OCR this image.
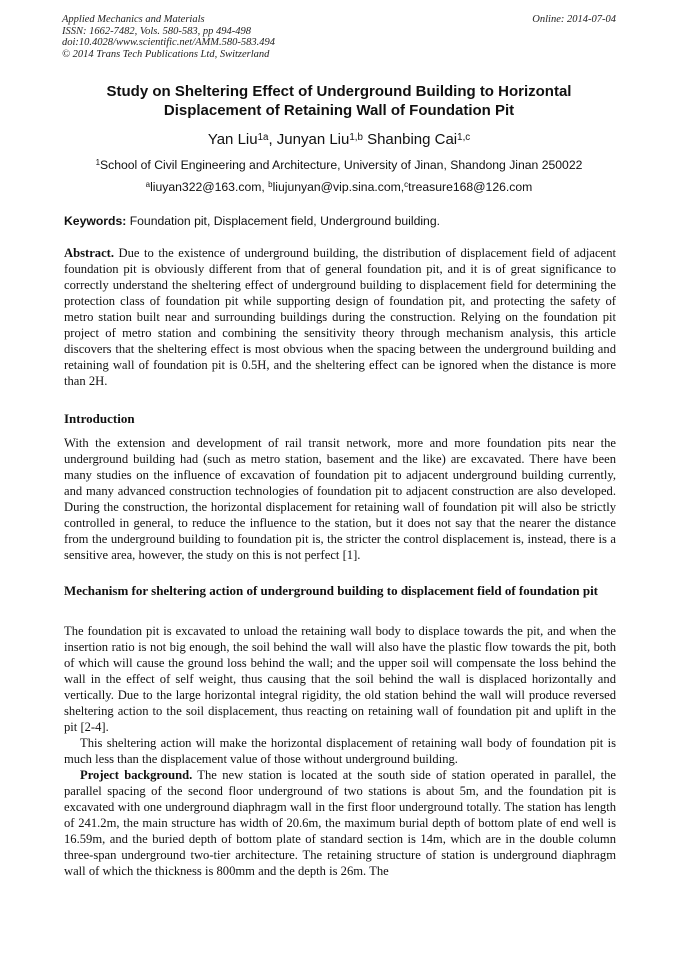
Applied Mechanics and Materials
ISSN: 1662-7482, Vols. 580-583, pp 494-498
doi:10.4028/www.scientific.net/AMM.580-583.494
© 2014 Trans Tech Publications Ltd, Switzerland
Online: 2014-07-04
Study on Sheltering Effect of Underground Building to Horizontal
Displacement of Retaining Wall of Foundation Pit
Yan Liu$^{1a}$, Junyan Liu$^{1,b}$ Shanbing Cai$^{1,c}$
$^1$School of Civil Engineering and Architecture, University of Jinan, Shandong Jinan 250022
$^a$liuyan322@163.com, $^b$liujunyan@vip.sina.com,$^c$treasure168@126.com
Keywords: Foundation pit, Displacement field, Underground building.

Abstract. Due to the existence of underground building, the distribution of displacement field of adjacent foundation pit is obviously different from that of general foundation pit, and it is of great significance to correctly understand the sheltering effect of underground building to displacement field for determining the protection class of foundation pit while supporting design of foundation pit, and protecting the safety of metro station built near and surrounding buildings during the construction. Relying on the foundation pit project of metro station and combining the sensitivity theory through mechanism analysis, this article discovers that the sheltering effect is most obvious when the spacing between the underground building and retaining wall of foundation pit is 0.5H, and the sheltering effect can be ignored when the distance is more than 2H.

Introduction

With the extension and development of rail transit network, more and more foundation pits near the underground building had (such as metro station, basement and the like) are excavated. There have been many studies on the influence of excavation of foundation pit to adjacent underground building currently, and many advanced construction technologies of foundation pit to adjacent construction are also developed. During the construction, the horizontal displacement for retaining wall of foundation pit will also be strictly controlled in general, to reduce the influence to the station, but it does not say that the nearer the distance from the underground building to foundation pit is, the stricter the control displacement is, instead, there is a sensitive area, however, the study on this is not perfect [1].

Mechanism for sheltering action of underground building to displacement field of foundation pit

The foundation pit is excavated to unload the retaining wall body to displace towards the pit, and when the insertion ratio is not big enough, the soil behind the wall will also have the plastic flow towards the pit, both of which will cause the ground loss behind the wall; and the upper soil will compensate the loss behind the wall in the effect of self weight, thus causing that the soil behind the wall is displaced horizontally and vertically. Due to the large horizontal integral rigidity, the old station behind the wall will produce reversed sheltering action to the soil displacement, thus reacting on retaining wall of foundation pit and uplift in the pit [2-4].

This sheltering action will make the horizontal displacement of retaining wall body of foundation pit is much less than the displacement value of those without underground building.

Project background. The new station is located at the south side of station operated in parallel, the parallel spacing of the second floor underground of two stations is about 5m, and the foundation pit is excavated with one underground diaphragm wall in the first floor underground totally. The station has length of 241.2m, the main structure has width of 20.6m, the maximum burial depth of bottom plate of end well is 16.59m, and the buried depth of bottom plate of standard section is 14m, which are in the double column three-span underground two-tier architecture. The retaining structure of station is underground diaphragm wall of which the thickness is 800mm and the depth is 26m. The
